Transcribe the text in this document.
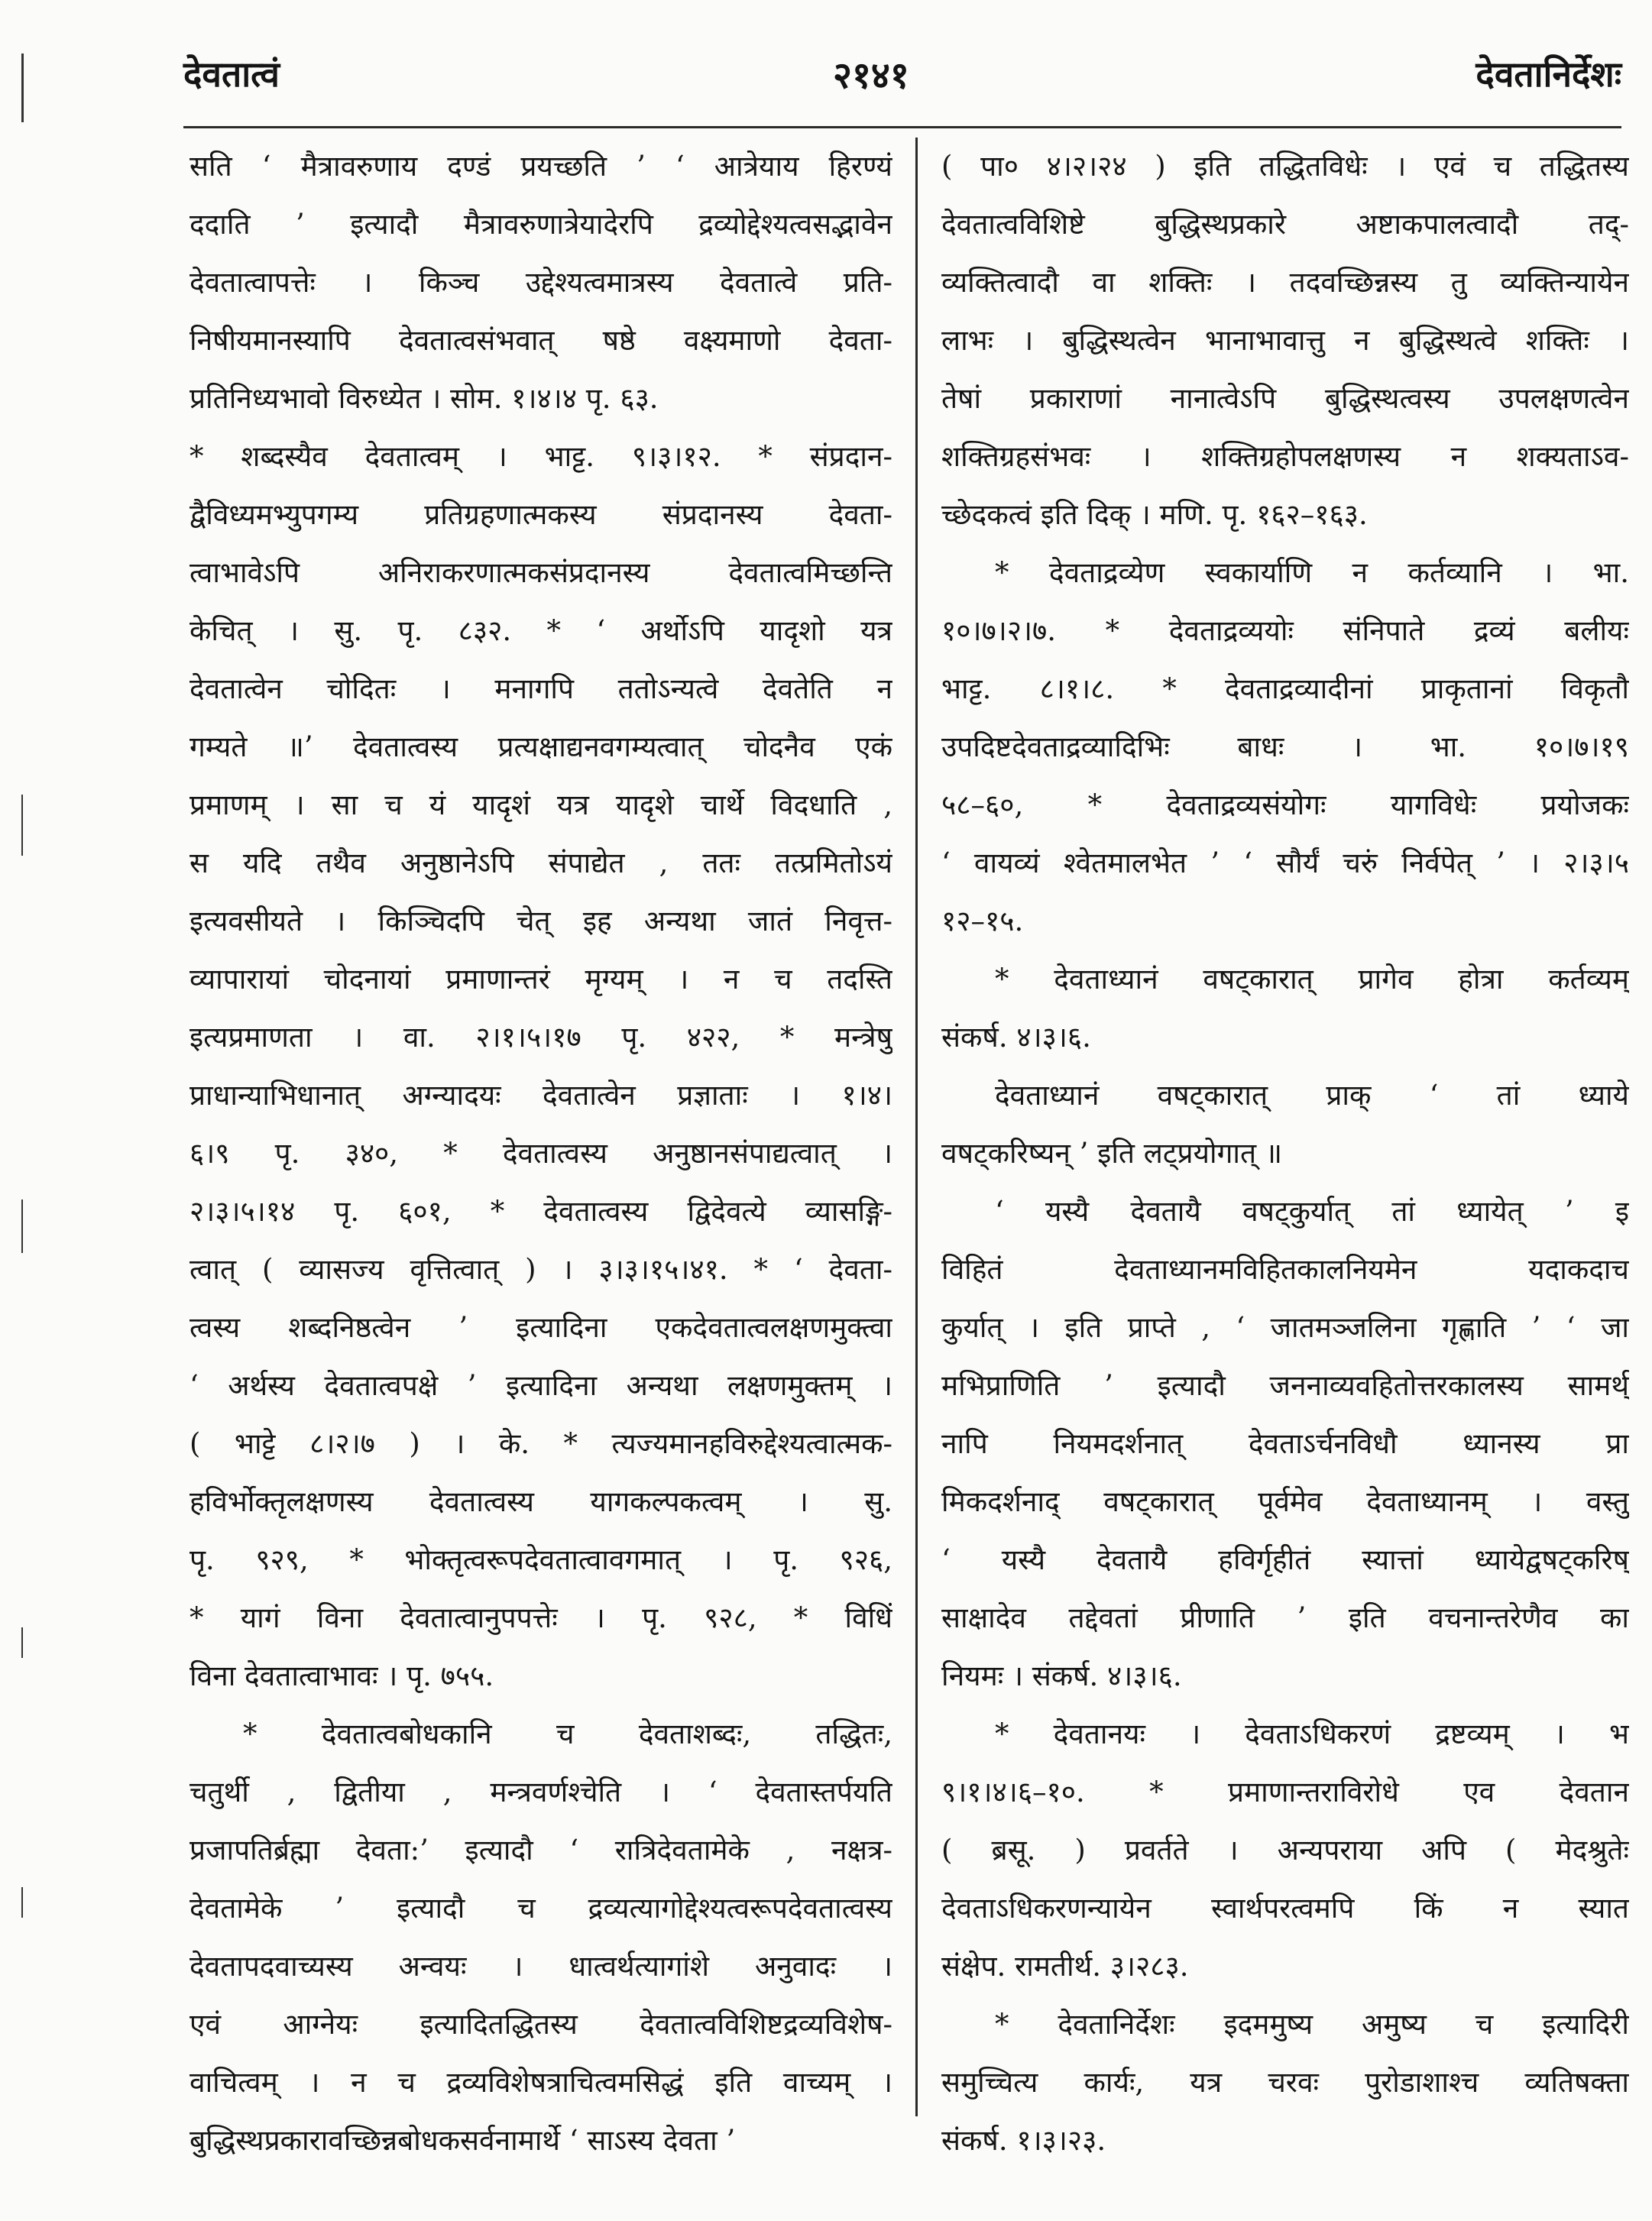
देवतात्वं	२१४१	देवतानिर्देशः
सति ‘ मैत्रावरुणाय दण्डं प्रयच्छति ’ ‘ आत्रेयाय हिरण्यं
ददाति ’ इत्यादौ मैत्रावरुणात्रेयादेरपि द्रव्योद्देश्यत्वसद्भावेन
देवतात्वापत्तेः । किञ्च उद्देश्यत्वमात्रस्य देवतात्वे प्रति-
निषीयमानस्यापि देवतात्वसंभवात् षष्ठे वक्ष्यमाणो देवता-
प्रतिनिध्यभावो विरुध्येत । सोम. १।४।४ पृ. ६३.
* शब्दस्यैव देवतात्वम् । भाट्ट. ९।३।१२. * संप्रदान-
द्वैविध्यमभ्युपगम्य प्रतिग्रहणात्मकस्य संप्रदानस्य देवता-
त्वाभावेऽपि अनिराकरणात्मकसंप्रदानस्य देवतात्वमिच्छन्ति
केचित् । सु. पृ. ८३२. * ‘ अर्थोऽपि यादृशो यत्र
देवतात्वेन चोदितः । मनागपि ततोऽन्यत्वे देवतेति न
गम्यते ॥’ देवतात्वस्य प्रत्यक्षाद्यनवगम्यत्वात् चोदनैव एकं
प्रमाणम् । सा च यं यादृशं यत्र यादृशे चार्थे विदधाति ,
स यदि तथैव अनुष्ठानेऽपि संपाद्येत , ततः तत्प्रमितोऽयं
इत्यवसीयते । किञ्चिदपि चेत् इह अन्यथा जातं निवृत्त-
व्यापारायां चोदनायां प्रमाणान्तरं मृग्यम् । न च तदस्ति
इत्यप्रमाणता । वा. २।१।५।१७ पृ. ४२२, * मन्त्रेषु
प्राधान्याभिधानात् अग्न्यादयः देवतात्वेन प्रज्ञाताः । १।४।
६।९ पृ. ३४०, * देवतात्वस्य अनुष्ठानसंपाद्यत्वात् ।
२।३।५।१४ पृ. ६०१, * देवतात्वस्य द्विदेवत्ये व्यासङ्गि-
त्वात् ( व्यासज्य वृत्तित्वात् ) । ३।३।१५।४१. * ‘ देवता-
त्वस्य शब्दनिष्ठत्वेन ’ इत्यादिना एकदेवतात्वलक्षणमुक्त्वा
‘ अर्थस्य देवतात्वपक्षे ’ इत्यादिना अन्यथा लक्षणमुक्तम् ।
( भाट्टे ८।२।७ ) । के. * त्यज्यमानहविरुद्देश्यत्वात्मक-
हविर्भोक्तृलक्षणस्य देवतात्वस्य यागकल्पकत्वम् । सु.
पृ. ९२९, * भोक्तृत्वरूपदेवतात्वावगमात् । पृ. ९२६,
* यागं विना देवतात्वानुपपत्तेः । पृ. ९२८, * विधिं
विना देवतात्वाभावः । पृ. ७५५.
* देवतात्वबोधकानि च देवताशब्दः, तद्धितः,
चतुर्थी , द्वितीया , मन्त्रवर्णश्चेति । ‘ देवतास्तर्पयति
प्रजापतिर्ब्रह्मा देवता:’ इत्यादौ ‘ रात्रिदेवतामेके , नक्षत्र-
देवतामेके ’ इत्यादौ च द्रव्यत्यागोद्देश्यत्वरूपदेवतात्वस्य
देवतापदवाच्यस्य अन्वयः । धात्वर्थत्यागांशे अनुवादः ।
एवं आग्नेयः इत्यादितद्धितस्य देवतात्वविशिष्टद्रव्यविशेष-
वाचित्वम् । न च द्रव्यविशेषत्राचित्वमसिद्धं इति वाच्यम् ।
बुद्धिस्थप्रकारावच्छिन्नबोधकसर्वनामार्थे ‘ साऽस्य देवता ’
( पा० ४।२।२४ ) इति तद्धितविधेः । एवं च तद्धितस्य
देवतात्वविशिष्टे बुद्धिस्थप्रकारे अष्टाकपालत्वादौ तद्-
व्यक्तित्वादौ वा शक्तिः । तदवच्छिन्नस्य तु व्यक्तिन्यायेन
लाभः । बुद्धिस्थत्वेन भानाभावात्तु न बुद्धिस्थत्वे शक्तिः ।
तेषां प्रकाराणां नानात्वेऽपि बुद्धिस्थत्वस्य उपलक्षणत्वेन
शक्तिग्रहसंभवः । शक्तिग्रहोपलक्षणस्य न शक्यताऽव-
च्छेदकत्वं इति दिक् । मणि. पृ. १६२–१६३.
* देवताद्रव्येण स्वकार्याणि न कर्तव्यानि । भा.
१०।७।२।७. * देवताद्रव्ययोः संनिपाते द्रव्यं बलीयः
भाट्ट. ८।१।८. * देवताद्रव्यादीनां प्राकृतानां विकृतौ
उपदिष्टदेवताद्रव्यादिभिः बाधः । भा. १०।७।१९
५८–६०, * देवताद्रव्यसंयोगः यागविधेः प्रयोजकः
‘ वायव्यं श्वेतमालभेत ’ ‘ सौर्यं चरुं निर्वपेत् ’ । २।३।५
१२–१५.
* देवताध्यानं वषट्कारात् प्रागेव होत्रा कर्तव्यम्
संकर्ष. ४।३।६.
देवताध्यानं वषट्कारात् प्राक् ‘ तां ध्याये
वषट्करिष्यन् ’ इति लट्प्रयोगात् ॥
‘ यस्यै देवतायै वषट्कुर्यात् तां ध्यायेत् ’ इ
विहितं देवताध्यानमविहितकालनियमेन यदाकदाच
कुर्यात् । इति प्राप्ते , ‘ जातमञ्जलिना गृह्णाति ’ ‘ जा
मभिप्राणिति ’ इत्यादौ जननाव्यवहितोत्तरकालस्य सामर्थ्
नापि नियमदर्शनात् देवताऽर्चनविधौ ध्यानस्य प्रा
मिकदर्शनाद् वषट्कारात् पूर्वमेव देवताध्यानम् । वस्तु
‘ यस्यै देवतायै हविर्गृहीतं स्यात्तां ध्यायेद्वषट्करिष्
साक्षादेव तद्देवतां प्रीणाति ’ इति वचनान्तरेणैव का
नियमः । संकर्ष. ४।३।६.
* देवतानयः । देवताऽधिकरणं द्रष्टव्यम् । भ
९।१।४।६–१०. * प्रमाणान्तराविरोधे एव देवतान
( ब्रसू. ) प्रवर्तते । अन्यपराया अपि ( मेदश्रुतेः
देवताऽधिकरणन्यायेन स्वार्थपरत्वमपि किं न स्यात
संक्षेप. रामतीर्थ. ३।२८३.
* देवतानिर्देशः इदममुष्य अमुष्य च इत्यादिरी
समुच्चित्य कार्यः, यत्र चरवः पुरोडाशाश्च व्यतिषक्ता
संकर्ष. १।३।२३.
